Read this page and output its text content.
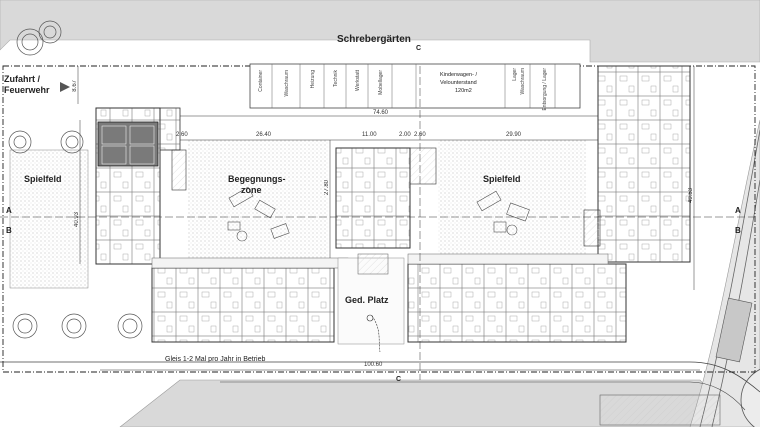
Schrebergärten
Zufahrt /
Feuerwehr
Spielfeld	Begegnungs-
zone
Spielfeld
Ged. Platz
Gleis 1-2 Mal pro Jahr in Betrieb
A
B
A
B
C
C
74.60
2.60	26.40	11.00	2.00 2.60	29.90
40.93
27.80
49.53
100.60
8.67	Container	Waschraum	Heizung	Technik	Werkstatt	Mobellager	Kinderwagen- /
Velounterstand
120m2
Lager Waschraum	Entsorgung / Lager
